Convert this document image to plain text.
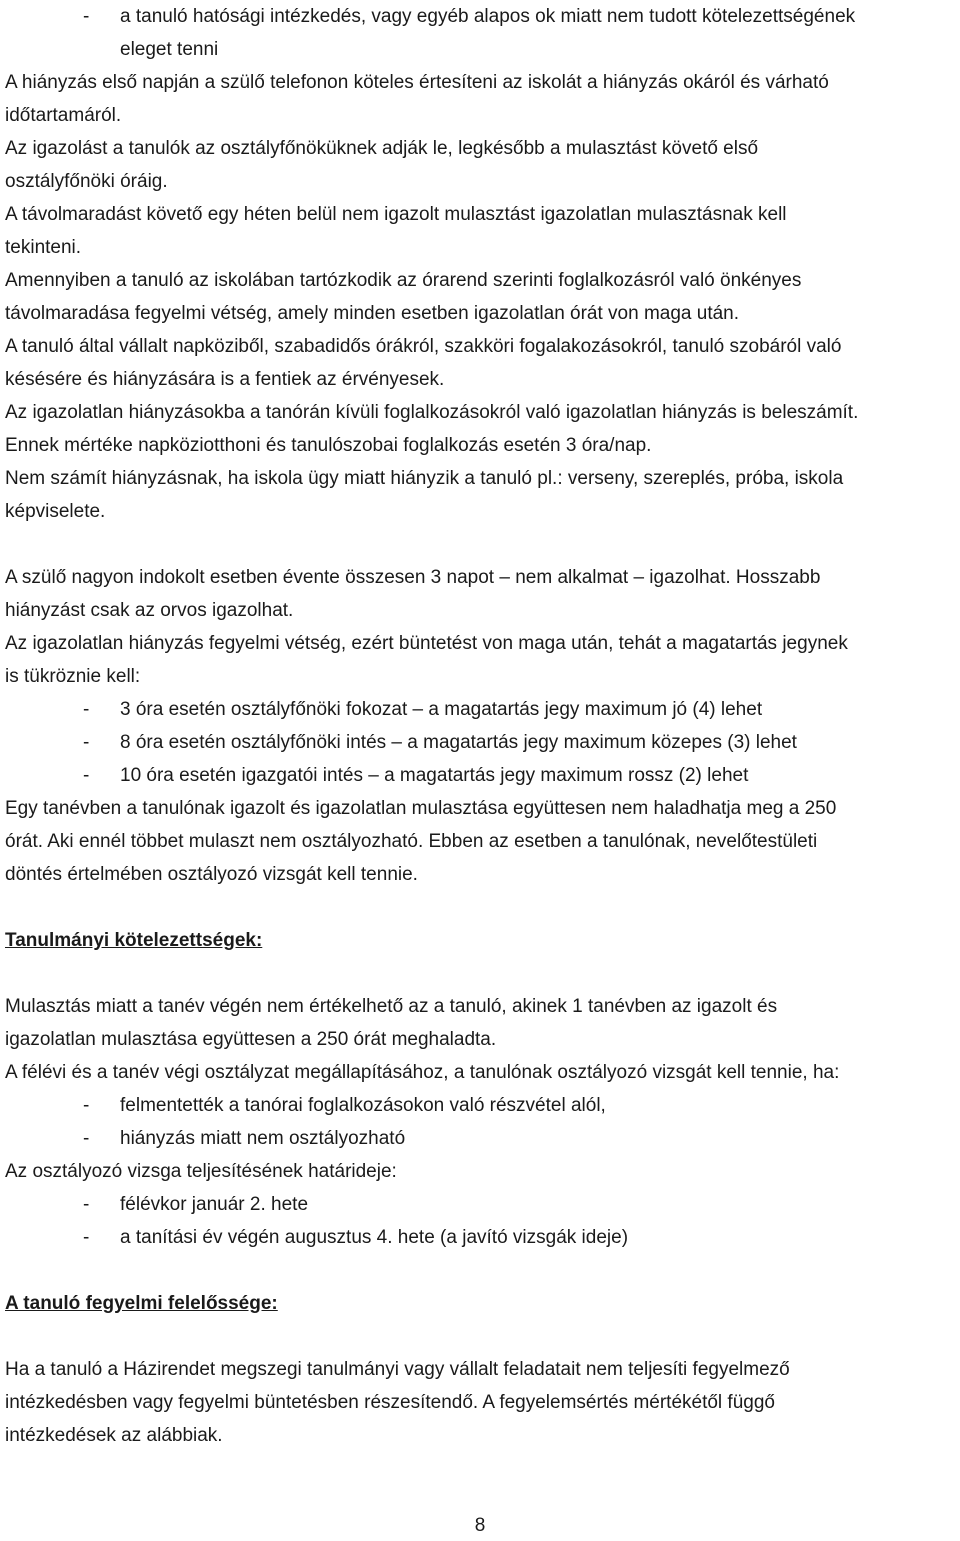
-	a tanuló hatósági intézkedés, vagy egyéb alapos ok miatt nem tudott kötelezettségének
eleget tenni

A hiányzás első napján a szülő telefonon köteles értesíteni az iskolát a hiányzás okáról és várható

időtartamáról.

Az igazolást a tanulók az osztályfőnöküknek adják le, legkésőbb a mulasztást követő első

osztályfőnöki óráig.

A távolmaradást követő egy héten belül nem igazolt mulasztást igazolatlan mulasztásnak kell

tekinteni.

Amennyiben a tanuló az iskolában tartózkodik az órarend szerinti foglalkozásról való önkényes

távolmaradása fegyelmi vétség, amely minden esetben igazolatlan órát von maga után.

A tanuló által vállalt napköziből, szabadidős órákról, szakköri fogalakozásokról, tanuló szobáról való

késésére és hiányzására is a fentiek az érvényesek.

Az igazolatlan hiányzásokba a tanórán kívüli foglalkozásokról való igazolatlan hiányzás is beleszámít.

Ennek mértéke napköziotthoni és tanulószobai foglalkozás esetén 3 óra/nap.

Nem számít hiányzásnak, ha iskola ügy miatt hiányzik a tanuló pl.: verseny, szereplés, próba, iskola

képviselete.

A szülő nagyon indokolt esetben évente összesen 3 napot – nem alkalmat – igazolhat. Hosszabb

hiányzást csak az orvos igazolhat.

Az igazolatlan hiányzás fegyelmi vétség, ezért büntetést von maga után, tehát a magatartás jegynek

is tükröznie kell:

-	3 óra esetén osztályfőnöki fokozat – a magatartás jegy maximum jó (4) lehet
-	8 óra esetén osztályfőnöki intés – a magatartás jegy maximum közepes (3) lehet
-	10 óra esetén igazgatói intés – a magatartás jegy maximum rossz (2) lehet

Egy tanévben a tanulónak igazolt és igazolatlan mulasztása együttesen nem haladhatja meg a 250

órát. Aki ennél többet mulaszt nem osztályozható. Ebben az esetben a tanulónak, nevelőtestületi

döntés értelmében osztályozó vizsgát kell tennie.

Tanulmányi kötelezettségek:

Mulasztás miatt a tanév végén nem értékelhető az a tanuló, akinek 1 tanévben az igazolt és

igazolatlan mulasztása együttesen a 250 órát meghaladta.

A félévi és a tanév végi osztályzat megállapításához, a tanulónak osztályozó vizsgát kell tennie, ha:

-	felmentették a tanórai foglalkozásokon való részvétel alól,
-	hiányzás miatt nem osztályozható

Az osztályozó vizsga teljesítésének határideje:

-	félévkor január 2. hete
-	a tanítási év végén augusztus 4. hete (a javító vizsgák ideje)

A tanuló fegyelmi felelőssége:

Ha a tanuló a Házirendet megszegi tanulmányi vagy vállalt feladatait nem teljesíti fegyelmező

intézkedésben vagy fegyelmi büntetésben részesítendő. A fegyelemsértés mértékétől függő

intézkedések az alábbiak.

8
